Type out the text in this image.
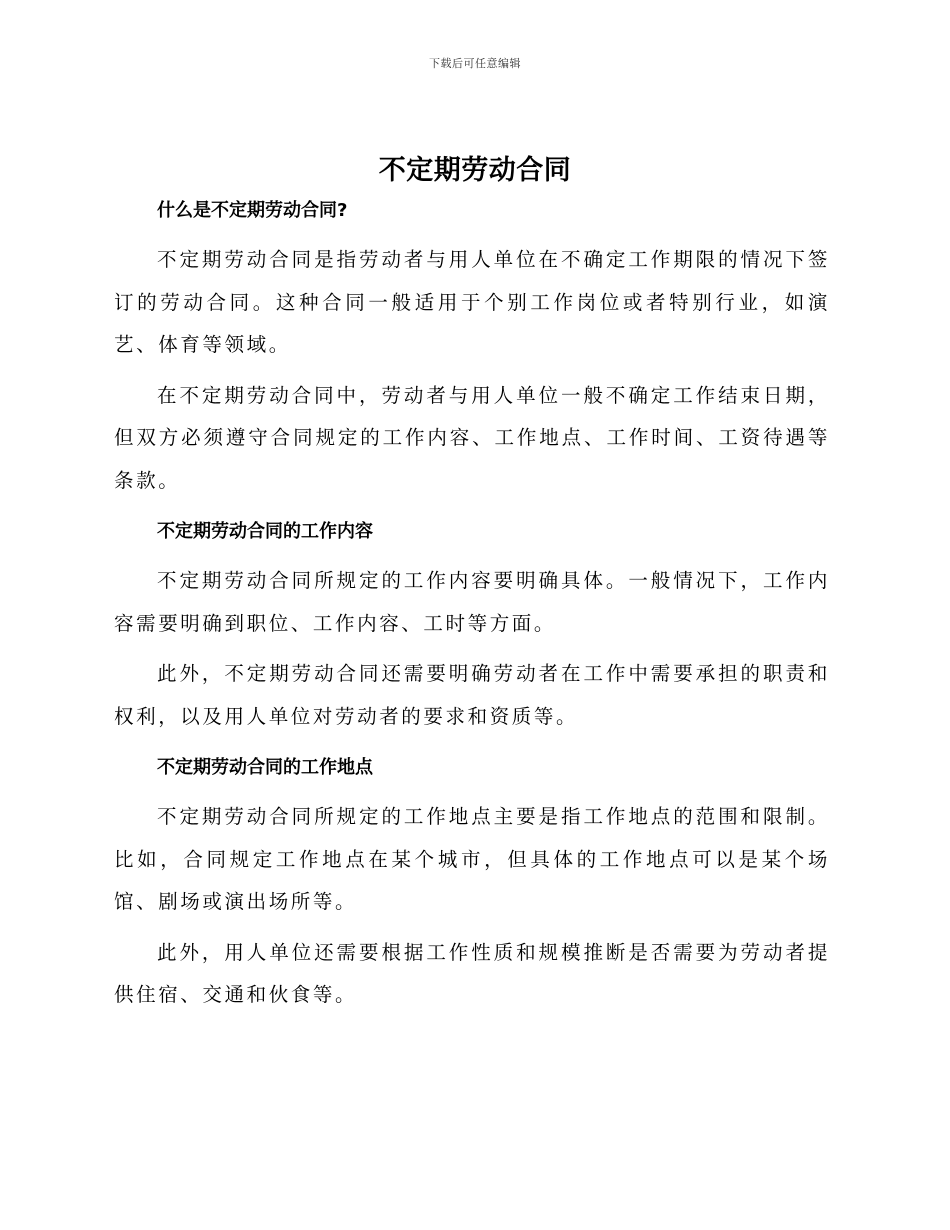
下载后可任意编辑
不定期劳动合同
什么是不定期劳动合同?

不定期劳动合同是指劳动者与用人单位在不确定工作期限的情况下签订的劳动合同。这种合同一般适用于个别工作岗位或者特别行业，如演艺、体育等领域。

在不定期劳动合同中，劳动者与用人单位一般不确定工作结束日期，但双方必须遵守合同规定的工作内容、工作地点、工作时间、工资待遇等条款。

不定期劳动合同的工作内容

不定期劳动合同所规定的工作内容要明确具体。一般情况下，工作内容需要明确到职位、工作内容、工时等方面。

此外，不定期劳动合同还需要明确劳动者在工作中需要承担的职责和权利，以及用人单位对劳动者的要求和资质等。

不定期劳动合同的工作地点

不定期劳动合同所规定的工作地点主要是指工作地点的范围和限制。比如，合同规定工作地点在某个城市，但具体的工作地点可以是某个场馆、剧场或演出场所等。

此外，用人单位还需要根据工作性质和规模推断是否需要为劳动者提供住宿、交通和伙食等。
